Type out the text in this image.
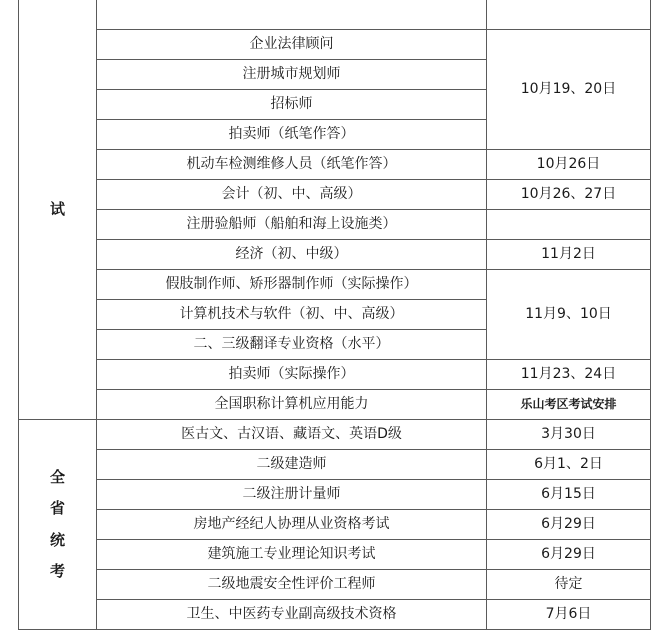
试		
	企业法律顾问	10月19、20日
	注册城市规划师	
	招标师	
	拍卖师（纸笔作答）	
	机动车检测维修人员（纸笔作答）	10月26日
	会计（初、中、高级）	10月26、27日
	注册验船师（船舶和海上设施类）	
	经济（初、中级）	11月2日
	假肢制作师、矫形器制作师（实际操作）	11月9、10日
	计算机技术与软件（初、中、高级）	
	二、三级翻译专业资格（水平）	
	拍卖师（实际操作）	11月23、24日
	全国职称计算机应用能力	乐山考区考试安排

全
省
统
考	医古文、古汉语、藏语文、英语D级	3月30日
	二级建造师	6月1、2日
	二级注册计量师	6月15日
	房地产经纪人协理从业资格考试	6月29日
	建筑施工专业理论知识考试	6月29日
	二级地震安全性评价工程师	待定
	卫生、中医药专业副高级技术资格	7月6日
